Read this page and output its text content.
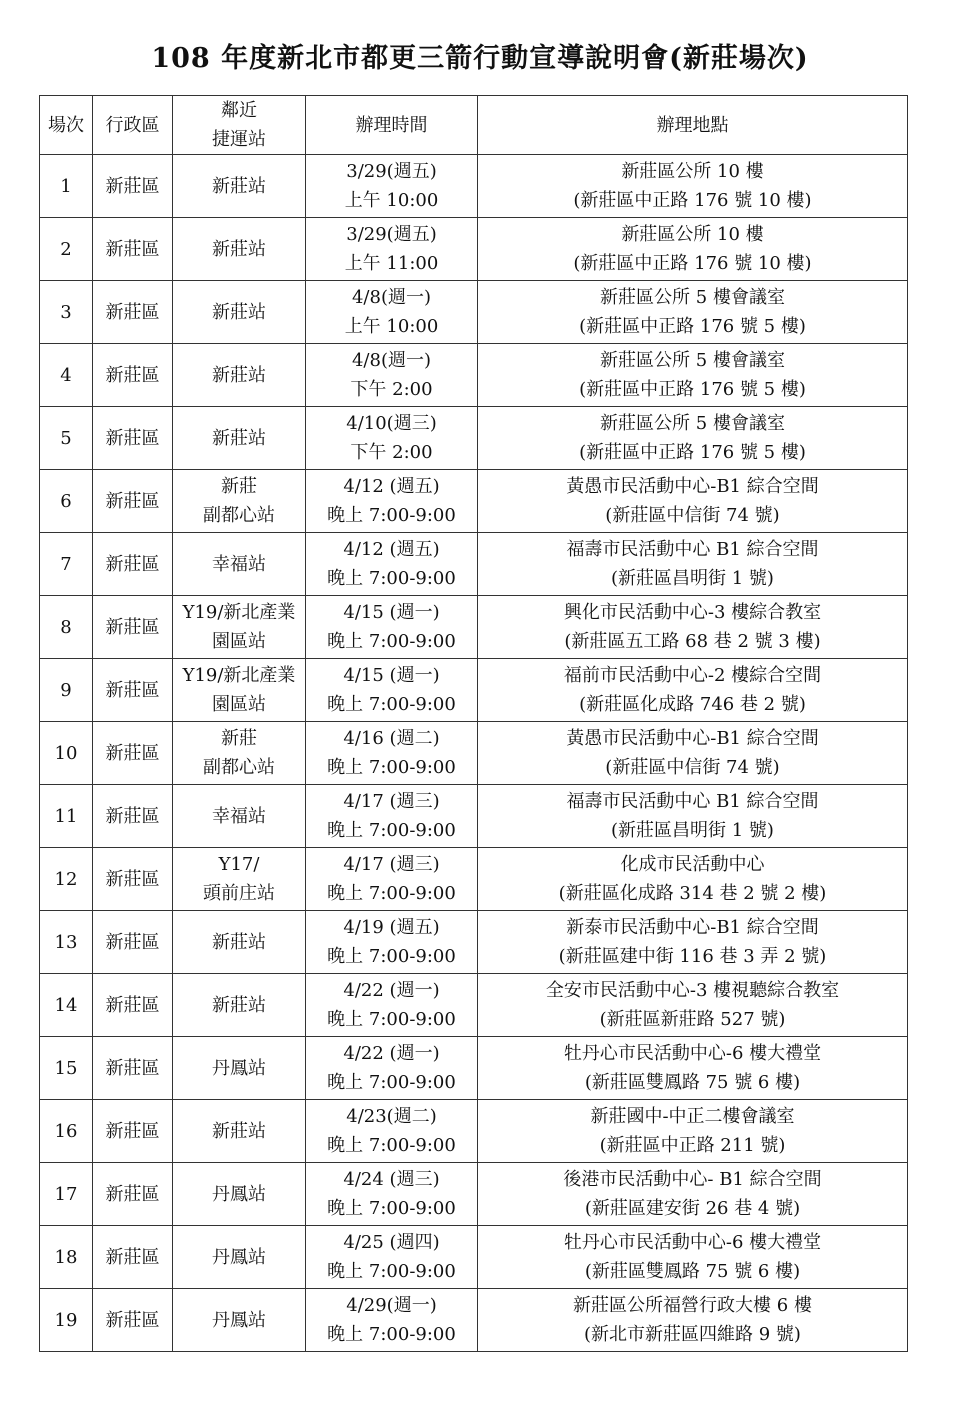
108 年度新北市都更三箭行動宣導說明會(新莊場次)
場次	行政區	鄰近
捷運站	辦理時間	辦理地點
1	新莊區	新莊站	3/29(週五)
上午 10:00	新莊區公所 10 樓
(新莊區中正路 176 號 10 樓)

2	新莊區	新莊站	3/29(週五)
上午 11:00	新莊區公所 10 樓
(新莊區中正路 176 號 10 樓)

3	新莊區	新莊站	4/8(週一)
上午 10:00	新莊區公所 5 樓會議室
(新莊區中正路 176 號 5 樓)

4	新莊區	新莊站	4/8(週一)
下午 2:00	新莊區公所 5 樓會議室
(新莊區中正路 176 號 5 樓)

5	新莊區	新莊站	4/10(週三)
下午 2:00	新莊區公所 5 樓會議室
(新莊區中正路 176 號 5 樓)

6	新莊區	新莊
副都心站	4/12 (週五)
晚上 7:00-9:00	黃愚市民活動中心-B1 綜合空間
(新莊區中信街 74 號)

7	新莊區	幸福站	4/12 (週五)
晚上 7:00-9:00	福壽市民活動中心 B1 綜合空間
(新莊區昌明街 1 號)

8	新莊區	Y19/新北產業
園區站	4/15 (週一)
晚上 7:00-9:00	興化市民活動中心-3 樓綜合教室
(新莊區五工路 68 巷 2 號 3 樓)

9	新莊區	Y19/新北產業
園區站	4/15 (週一)
晚上 7:00-9:00	福前市民活動中心-2 樓綜合空間
(新莊區化成路 746 巷 2 號)

10	新莊區	新莊
副都心站	4/16 (週二)
晚上 7:00-9:00	黃愚市民活動中心-B1 綜合空間
(新莊區中信街 74 號)

11	新莊區	幸福站	4/17 (週三)
晚上 7:00-9:00	福壽市民活動中心 B1 綜合空間
(新莊區昌明街 1 號)

12	新莊區	Y17/
頭前庄站	4/17 (週三)
晚上 7:00-9:00	化成市民活動中心
(新莊區化成路 314 巷 2 號 2 樓)

13	新莊區	新莊站	4/19 (週五)
晚上 7:00-9:00	新泰市民活動中心-B1 綜合空間
(新莊區建中街 116 巷 3 弄 2 號)

14	新莊區	新莊站	4/22 (週一)
晚上 7:00-9:00	全安市民活動中心-3 樓視聽綜合教室
(新莊區新莊路 527 號)

15	新莊區	丹鳳站	4/22 (週一)
晚上 7:00-9:00	牡丹心市民活動中心-6 樓大禮堂
(新莊區雙鳳路 75 號 6 樓)

16	新莊區	新莊站	4/23(週二)
晚上 7:00-9:00	新莊國中-中正二樓會議室
(新莊區中正路 211 號)

17	新莊區	丹鳳站	4/24 (週三)
晚上 7:00-9:00	後港市民活動中心- B1 綜合空間
(新莊區建安街 26 巷 4 號)

18	新莊區	丹鳳站	4/25 (週四)
晚上 7:00-9:00	牡丹心市民活動中心-6 樓大禮堂
(新莊區雙鳳路 75 號 6 樓)

19	新莊區	丹鳳站	4/29(週一)
晚上 7:00-9:00	新莊區公所福營行政大樓 6 樓
(新北市新莊區四維路 9 號)
